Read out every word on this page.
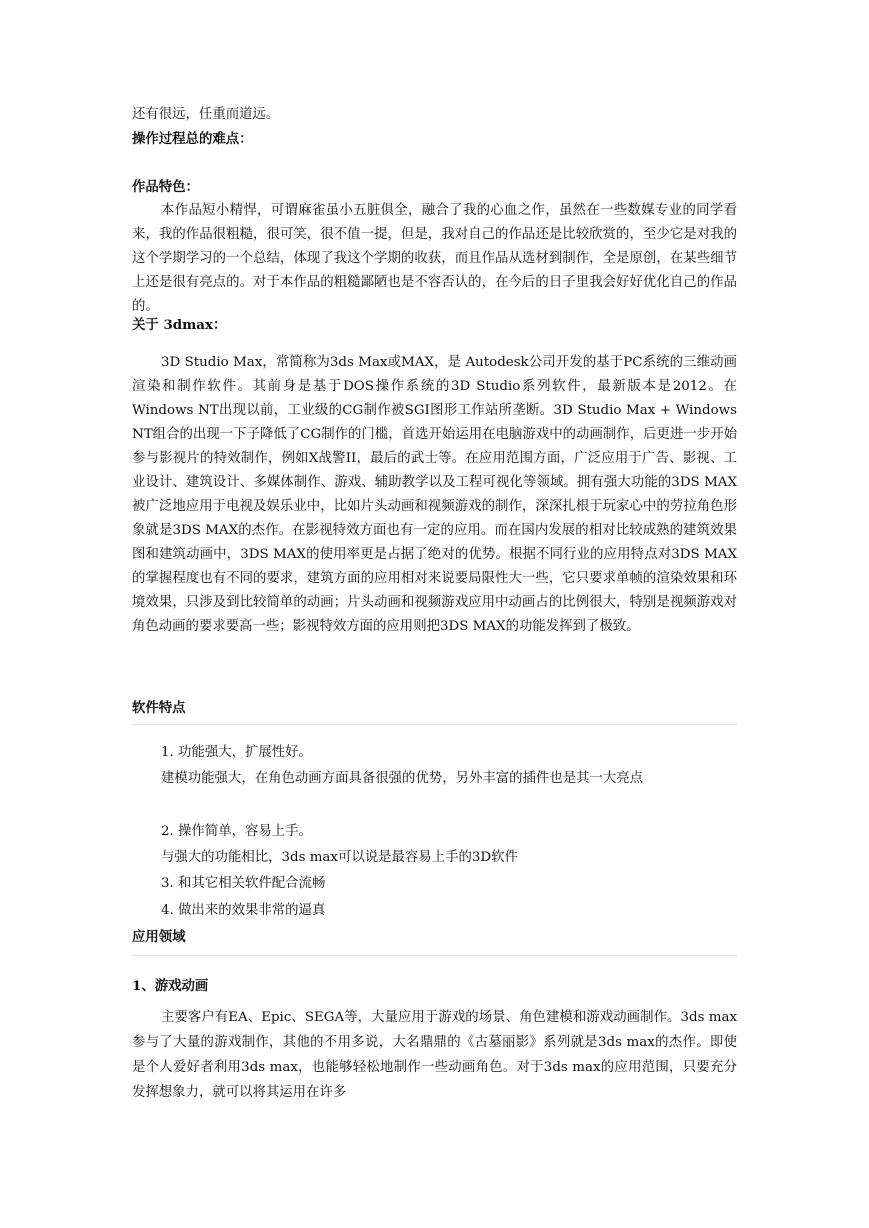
还有很远，任重而道远。
操作过程总的难点：
作品特色：

本作品短小精悍，可谓麻雀虽小五脏俱全，融合了我的心血之作，虽然在一些数媒专业的同学看来，我的作品很粗糙，很可笑，很不值一提，但是，我对自己的作品还是比较欣赏的，至少它是对我的这个学期学习的一个总结，体现了我这个学期的收获，而且作品从选材到制作，全是原创，在某些细节上还是很有亮点的。对于本作品的粗糙鄙陋也是不容否认的，在今后的日子里我会好好优化自己的作品的。

关于 3dmax：

3D Studio Max，常简称为3ds Max或MAX，是 Autodesk公司开发的基于PC系统的三维动画渲染和制作软件。其前身是基于DOS操作系统的3D Studio系列软件，最新版本是2012。在Windows NT出现以前，工业级的CG制作被SGI图形工作站所垄断。3D Studio Max + Windows NT组合的出现一下子降低了CG制作的门槛，首选开始运用在电脑游戏中的动画制作，后更进一步开始参与影视片的特效制作，例如X战警II，最后的武士等。在应用范围方面，广泛应用于广告、影视、工业设计、建筑设计、多媒体制作、游戏、辅助教学以及工程可视化等领域。拥有强大功能的3DS MAX被广泛地应用于电视及娱乐业中，比如片头动画和视频游戏的制作，深深扎根于玩家心中的劳拉角色形象就是3DS MAX的杰作。在影视特效方面也有一定的应用。而在国内发展的相对比较成熟的建筑效果图和建筑动画中，3DS MAX的使用率更是占据了绝对的优势。根据不同行业的应用特点对3DS MAX的掌握程度也有不同的要求，建筑方面的应用相对来说要局限性大一些，它只要求单帧的渲染效果和环境效果，只涉及到比较简单的动画；片头动画和视频游戏应用中动画占的比例很大，特别是视频游戏对角色动画的要求要高一些；影视特效方面的应用则把3DS MAX的功能发挥到了极致。

软件特点
1. 功能强大，扩展性好。

建模功能强大，在角色动画方面具备很强的优势，另外丰富的插件也是其一大亮点

2. 操作简单，容易上手。
与强大的功能相比，3ds max可以说是最容易上手的3D软件
3. 和其它相关软件配合流畅
4. 做出来的效果非常的逼真
应用领域
1、游戏动画

主要客户有EA、Epic、SEGA等，大量应用于游戏的场景、角色建模和游戏动画制作。3ds max参与了大量的游戏制作，其他的不用多说，大名鼎鼎的《古墓丽影》系列就是3ds max的杰作。即使是个人爱好者利用3ds max，也能够轻松地制作一些动画角色。对于3ds max的应用范围，只要充分发挥想象力，就可以将其运用在许多
